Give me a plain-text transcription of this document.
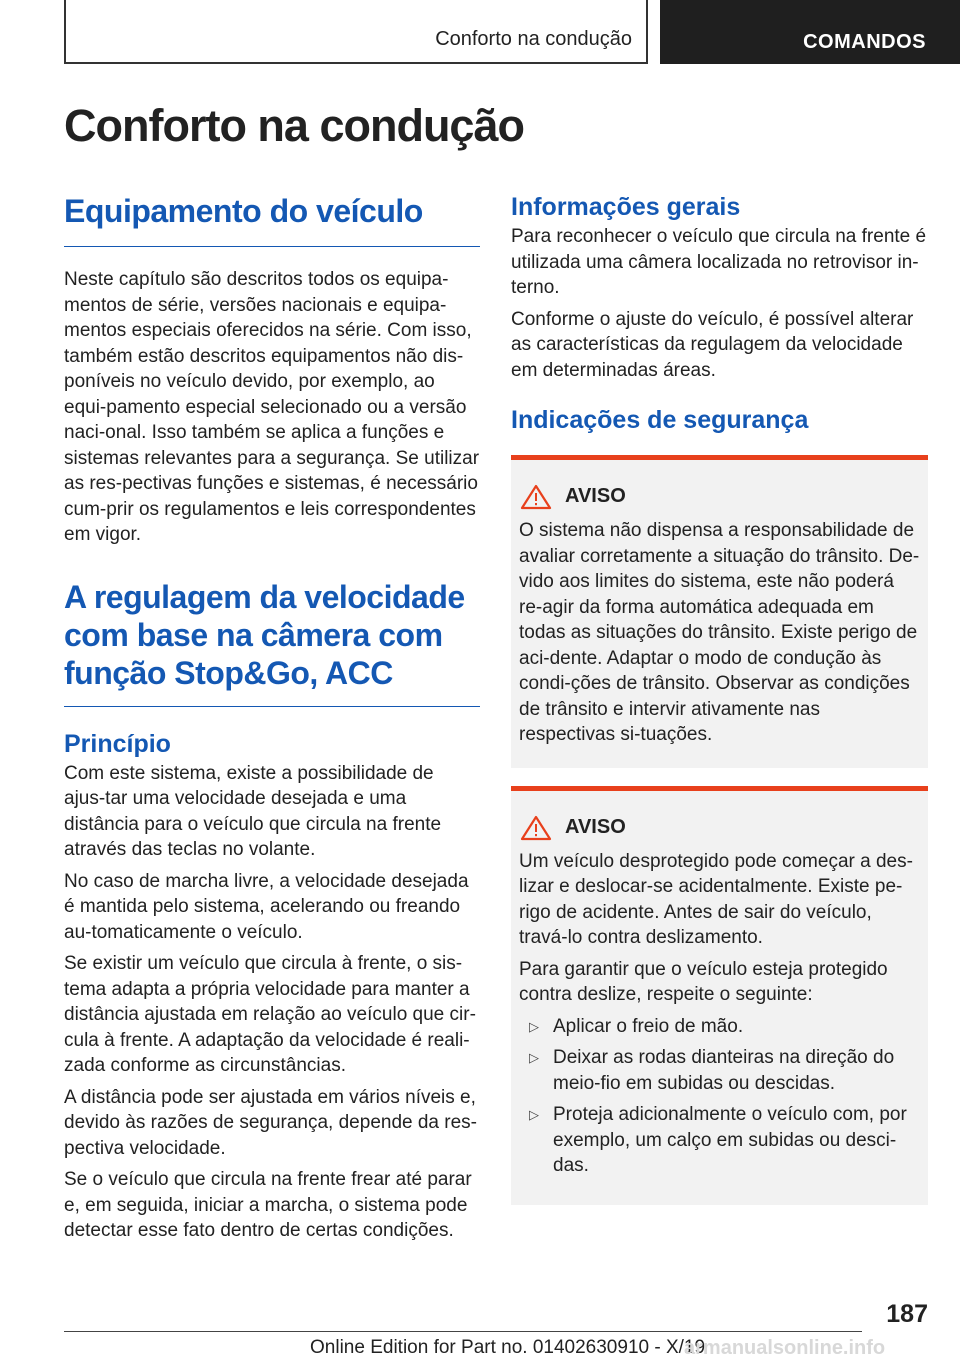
Conforto na condução	COMANDOS
Conforto na condução
Equipamento do veículo

Neste capítulo são descritos todos os equipa-mentos de série, versões nacionais e equipa-mentos especiais oferecidos na série. Com isso, também estão descritos equipamentos não dis-poníveis no veículo devido, por exemplo, ao equi-pamento especial selecionado ou a versão naci-onal. Isso também se aplica a funções e sistemas relevantes para a segurança. Se utilizar as res-pectivas funções e sistemas, é necessário cum-prir os regulamentos e leis correspondentes em vigor.

A regulagem da velocidade com base na câmera com função Stop&Go, ACC
Princípio

Com este sistema, existe a possibilidade de ajus-tar uma velocidade desejada e uma distância para o veículo que circula na frente através das teclas no volante.

No caso de marcha livre, a velocidade desejada é mantida pelo sistema, acelerando ou freando au-tomaticamente o veículo.

Se existir um veículo que circula à frente, o sis-tema adapta a própria velocidade para manter a distância ajustada em relação ao veículo que cir-cula à frente. A adaptação da velocidade é reali-zada conforme as circunstâncias.

A distância pode ser ajustada em vários níveis e, devido às razões de segurança, depende da res-pectiva velocidade.

Se o veículo que circula na frente frear até parar e, em seguida, iniciar a marcha, o sistema pode detectar esse fato dentro de certas condições.

Informações gerais

Para reconhecer o veículo que circula na frente é utilizada uma câmera localizada no retrovisor in-terno.

Conforme o ajuste do veículo, é possível alterar as características da regulagem da velocidade em determinadas áreas.

Indicações de segurança
AVISO

O sistema não dispensa a responsabilidade de avaliar corretamente a situação do trânsito. De-vido aos limites do sistema, este não poderá re-agir da forma automática adequada em todas as situações do trânsito. Existe perigo de aci-dente. Adaptar o modo de condução às condi-ções de trânsito. Observar as condições de trânsito e intervir ativamente nas respectivas si-tuações.

AVISO

Um veículo desprotegido pode começar a des-lizar e deslocar-se acidentalmente. Existe pe-rigo de acidente. Antes de sair do veículo, travá-lo contra deslizamento.

Para garantir que o veículo esteja protegido contra deslize, respeite o seguinte:

▷ Aplicar o freio de mão.
▷ Deixar as rodas dianteiras na direção do meio-fio em subidas ou descidas.
▷ Proteja adicionalmente o veículo com, por exemplo, um calço em subidas ou desci-das.
187
Online Edition for Part no. 01402630910 - X/19
armanualsonline.info
